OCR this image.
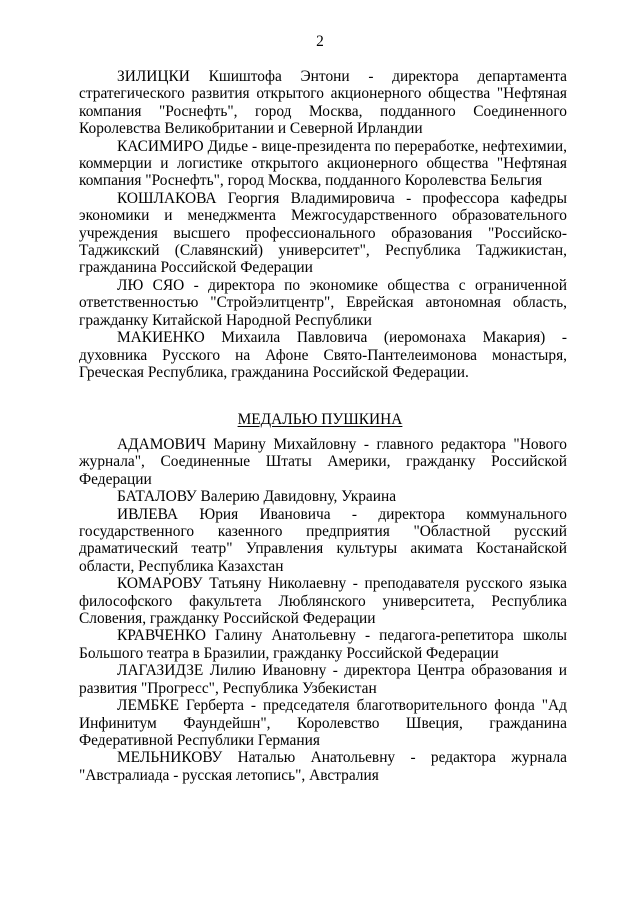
2

ЗИЛИЦКИ Кшиштофа Энтони - директора департамента стратегического развития открытого акционерного общества "Нефтяная компания "Роснефть", город Москва, подданного Соединенного Королевства Великобритании и Северной Ирландии

КАСИМИРО Дидье - вице-президента по переработке, нефтехимии, коммерции и логистике открытого акционерного общества "Нефтяная компания "Роснефть", город Москва, подданного Королевства Бельгия

КОШЛАКОВА Георгия Владимировича - профессора кафедры экономики и менеджмента Межгосударственного образовательного учреждения высшего профессионального образования "Российско-Таджикский (Славянский) университет", Республика Таджикистан, гражданина Российской Федерации

ЛЮ СЯО - директора по экономике общества с ограниченной ответственностью "Стройэлитцентр", Еврейская автономная область, гражданку Китайской Народной Республики

МАКИЕНКО Михаила Павловича (иеромонаха Макария) - духовника Русского на Афоне Свято-Пантелеимонова монастыря, Греческая Республика, гражданина Российской Федерации.

МЕДАЛЬЮ ПУШКИНА

АДАМОВИЧ Марину Михайловну - главного редактора "Нового журнала", Соединенные Штаты Америки, гражданку Российской Федерации

БАТАЛОВУ Валерию Давидовну, Украина

ИВЛЕВА Юрия Ивановича - директора коммунального государственного казенного предприятия "Областной русский драматический театр" Управления культуры акимата Костанайской области, Республика Казахстан

КОМАРОВУ Татьяну Николаевну - преподавателя русского языка философского факультета Люблянского университета, Республика Словения, гражданку Российской Федерации

КРАВЧЕНКО Галину Анатольевну - педагога-репетитора школы Большого театра в Бразилии, гражданку Российской Федерации

ЛАГАЗИДЗЕ Лилию Ивановну - директора Центра образования и развития "Прогресс", Республика Узбекистан

ЛЕМБКЕ Герберта - председателя благотворительного фонда "Ад Инфинитум Фаундейшн", Королевство Швеция, гражданина Федеративной Республики Германия

МЕЛЬНИКОВУ Наталью Анатольевну - редактора журнала "Австралиада - русская летопись", Австралия
